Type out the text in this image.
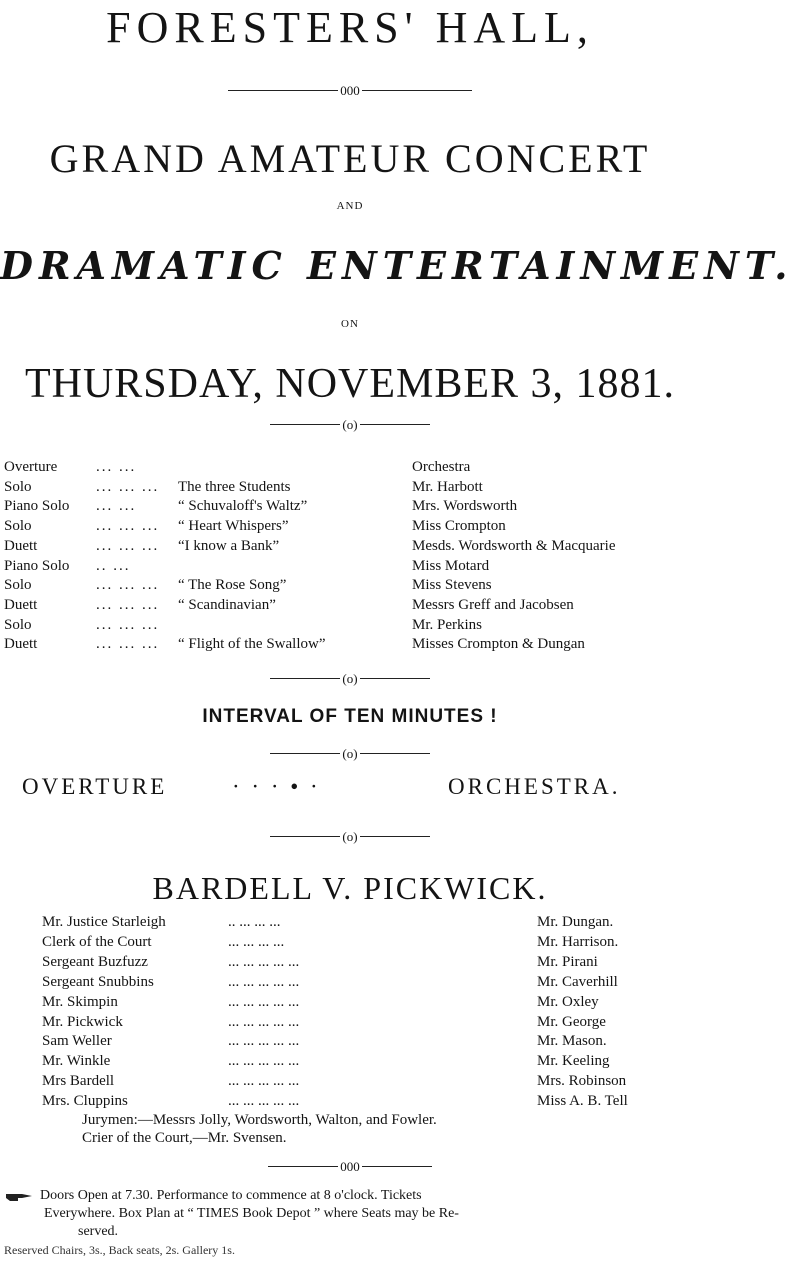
FORESTERS' HALL,
000
GRAND AMATEUR CONCERT
AND
DRAMATIC ENTERTAINMENT.
ON
THURSDAY, NOVEMBER 3, 1881.
(o)
Overture	... ...	Orchestra
Solo	... ... ... The three Students	Mr. Harbott
Piano Solo ... ...	“ Schuvaloff's Waltz”	Mrs. Wordsworth
Solo	... ... ... “ Heart Whispers”	Miss Crompton
Duett	... ... ... “I know a Bank”	Mesds. Wordsworth & Macquarie
Piano Solo .. ...	Miss Motard
Solo	... ... ... “ The Rose Song”	Miss Stevens
Duett	... ... ... “ Scandinavian”	Messrs Greff and Jacobsen
Solo	... ... ...	Mr. Perkins
Duett	... ... ... “ Flight of the Swallow”	Misses Crompton & Dungan
(o)
INTERVAL OF TEN MINUTES !
(o)
OVERTURE	· · · • ·	ORCHESTRA.
(o)
BARDELL V. PICKWICK.
Mr. Justice Starleigh	.. ... ... ...	Mr. Dungan.
Clerk of the Court	... ... ... ...	Mr. Harrison.
Sergeant Buzfuzz	... ... ... ... ...	Mr. Pirani
Sergeant Snubbins	... ... ... ... ...	Mr. Caverhill
Mr. Skimpin	... ... ... ... ...	Mr. Oxley
Mr. Pickwick	... ... ... ... ...	Mr. George
Sam Weller	... ... ... ... ...	Mr. Mason.
Mr. Winkle	... ... ... ... ...	Mr. Keeling
Mrs Bardell	... ... ... ... ...	Mrs. Robinson
Mrs. Cluppins	... ... ... ... ...	Miss A. B. Tell
Jurymen:—Messrs Jolly, Wordsworth, Walton, and Fowler.
Crier of the Court,—Mr. Svensen.
000
Doors Open at 7.30. Performance to commence at 8 o'clock. Tickets
Everywhere. Box Plan at “ TIMES Book Depot ” where Seats may be Re-
served.
Reserved Chairs, 3s., Back seats, 2s. Gallery 1s.
